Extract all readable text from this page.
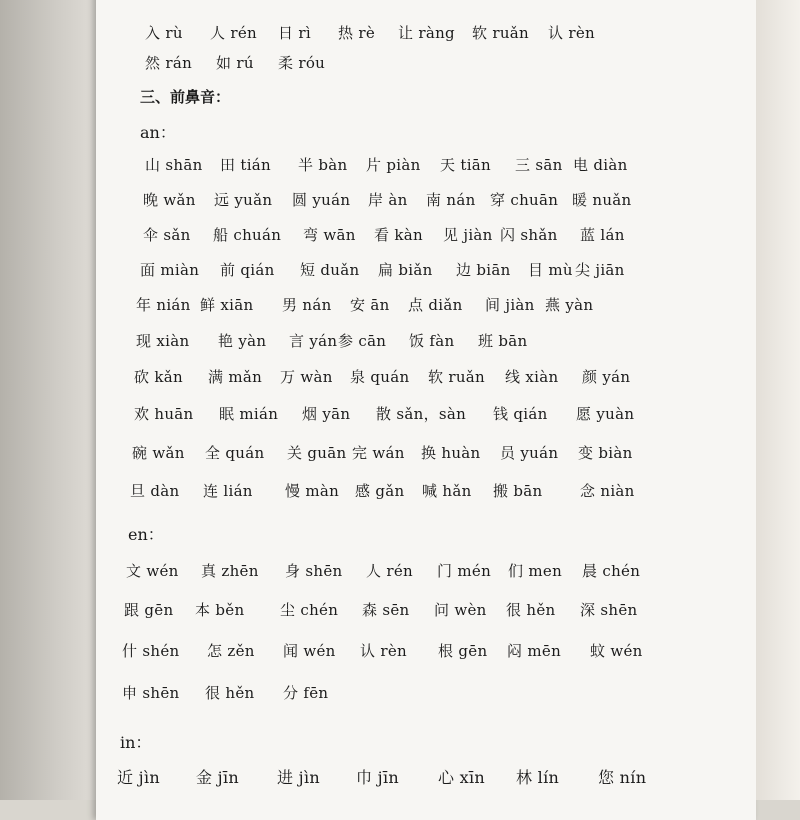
入 rù 人 rén 日 rì 热 rè 让 ràng 软 ruǎn 认 rèn
然 rán 如 rú 柔 róu
三、前鼻音：
an：
山 shān 田 tián 半 bàn 片 piàn 天 tiān 三 sān 电 diàn
晚 wǎn 远 yuǎn 圆 yuán 岸 àn 南 nán 穿 chuān 暖 nuǎn
伞 sǎn 船 chuán 弯 wān 看 kàn 见 jiàn 闪 shǎn 蓝 lán
面 miàn 前 qián 短 duǎn 扁 biǎn 边 biān 目 mù 尖 jiān
年 nián 鲜 xiān 男 nán 安 ān 点 diǎn 间 jiàn 燕 yàn
现 xiàn 艳 yàn 言 yán 参 cān 饭 fàn 班 bān
砍 kǎn 满 mǎn 万 wàn 泉 quán 软 ruǎn 线 xiàn 颜 yán
欢 huān 眠 mián 烟 yān 散 sǎn，sàn 钱 qián 愿 yuàn
碗 wǎn 全 quán 关 guān 完 wán 换 huàn 员 yuán 变 biàn
旦 dàn 连 lián 慢 màn 感 gǎn 喊 hǎn 搬 bān	念 niàn
en：
文 wén 真 zhēn 身 shēn 人 rén 门 mén 们 men 晨 chén
跟 gēn 本 běn 尘 chén 森 sēn 问 wèn 很 hěn 深 shēn
什 shén 怎 zěn 闻 wén 认 rèn 根 gēn 闷 mēn 蚊 wén
申 shēn 很 hěn 分 fēn
in：
近 jìn 金 jīn 进 jìn 巾 jīn 心 xīn 林 lín 您 nín
